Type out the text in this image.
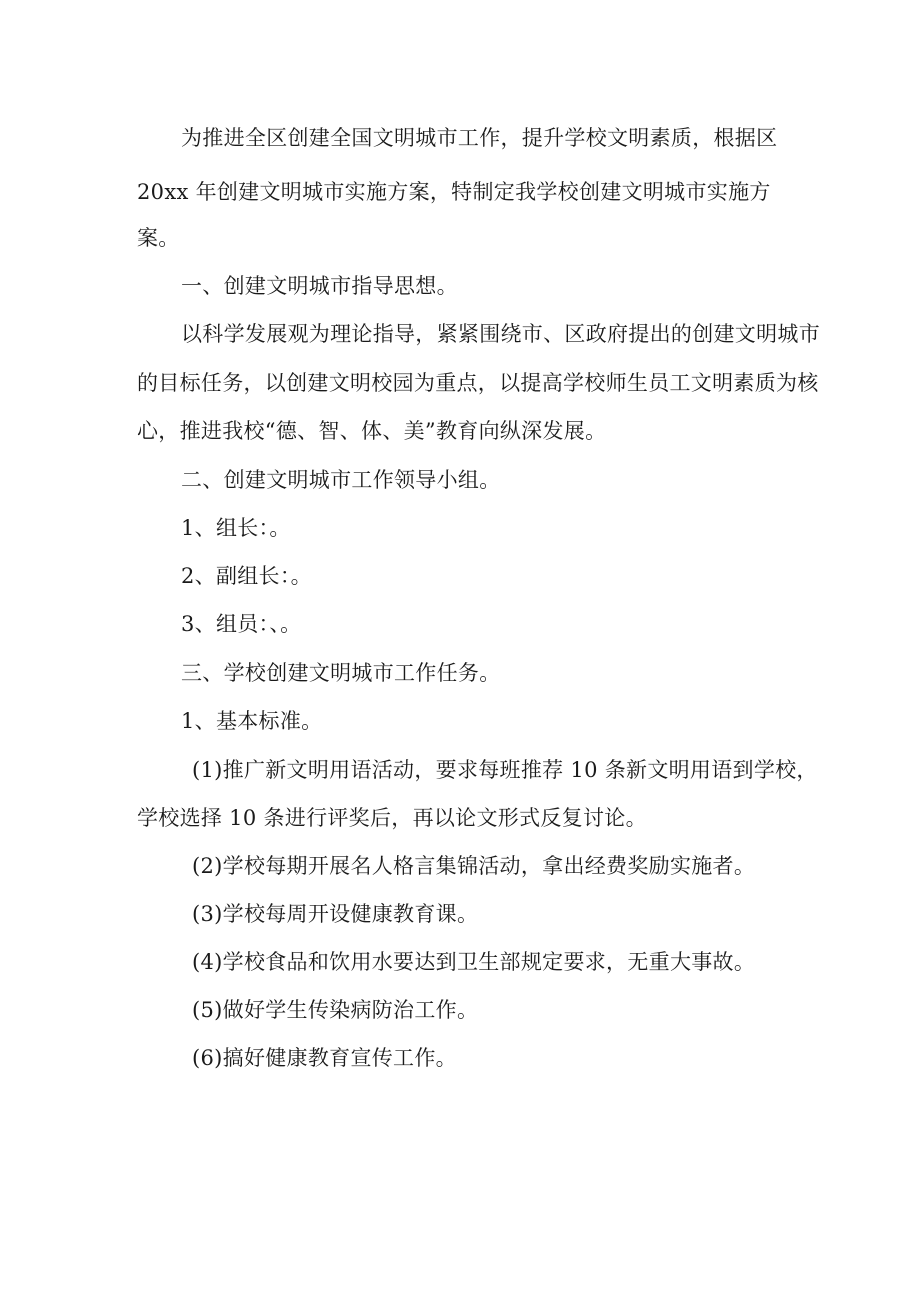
为推进全区创建全国文明城市工作，提升学校文明素质，根据区
20xx 年创建文明城市实施方案，特制定我学校创建文明城市实施方
案。
一、创建文明城市指导思想。
以科学发展观为理论指导，紧紧围绕市、区政府提出的创建文明城市
的目标任务，以创建文明校园为重点，以提高学校师生员工文明素质为核
心，推进我校“德、智、体、美”教育向纵深发展。
二、创建文明城市工作领导小组。
1、组长：。
2、副组长：。
3、组员：、。
三、学校创建文明城市工作任务。
1、基本标准。
(1)推广新文明用语活动，要求每班推荐 10 条新文明用语到学校，
学校选择 10 条进行评奖后，再以论文形式反复讨论。
(2)学校每期开展名人格言集锦活动，拿出经费奖励实施者。
(3)学校每周开设健康教育课。
(4)学校食品和饮用水要达到卫生部规定要求，无重大事故。
(5)做好学生传染病防治工作。
(6)搞好健康教育宣传工作。
